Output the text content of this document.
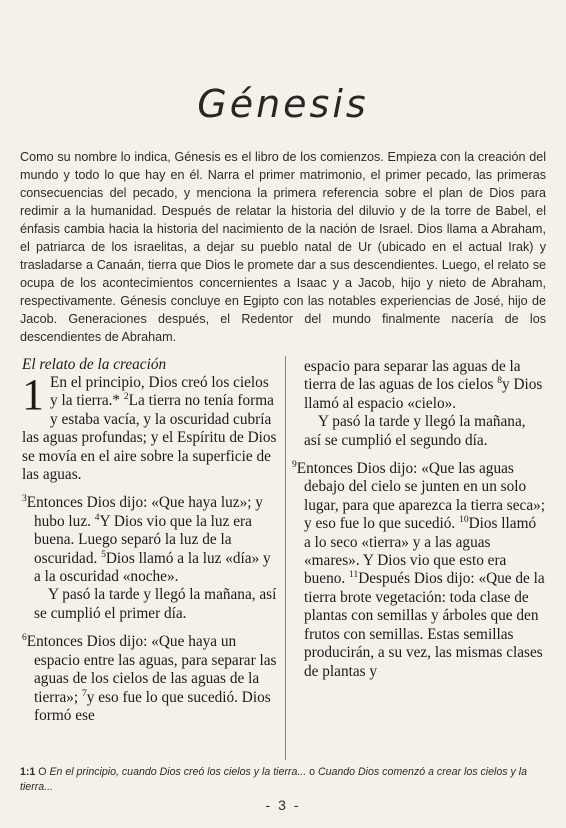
Génesis
Como su nombre lo indica, Génesis es el libro de los comienzos. Empieza con la creación del mundo y todo lo que hay en él. Narra el primer matrimonio, el primer pecado, las primeras consecuencias del pecado, y menciona la primera referencia sobre el plan de Dios para redimir a la humanidad. Después de relatar la historia del diluvio y de la torre de Babel, el énfasis cambia hacia la historia del nacimiento de la nación de Israel. Dios llama a Abraham, el patriarca de los israelitas, a dejar su pueblo natal de Ur (ubicado en el actual Irak) y trasladarse a Canaán, tierra que Dios le promete dar a sus descendientes. Luego, el relato se ocupa de los acontecimientos concernientes a Isaac y a Jacob, hijo y nieto de Abraham, respectivamente. Génesis concluye en Egipto con las notables experiencias de José, hijo de Jacob. Generaciones después, el Redentor del mundo finalmente nacería de los descendientes de Abraham.
El relato de la creación

1 En el principio, Dios creó los cielos y la tierra.* $^2$La tierra no tenía forma y estaba vacía, y la oscuridad cubría las aguas profundas; y el Espíritu de Dios se movía en el aire sobre la superficie de las aguas.

$^3$Entonces Dios dijo: «Que haya luz»; y hubo luz. $^4$Y Dios vio que la luz era buena. Luego separó la luz de la oscuridad. $^5$Dios llamó a la luz «día» y a la oscuridad «noche».

Y pasó la tarde y llegó la mañana, así se cumplió el primer día.

$^6$Entonces Dios dijo: «Que haya un espacio entre las aguas, para separar las aguas de los cielos de las aguas de la tierra»; $^7$y eso fue lo que sucedió. Dios formó ese

espacio para separar las aguas de la tierra de las aguas de los cielos $^8$y Dios llamó al espacio «cielo».

Y pasó la tarde y llegó la mañana, así se cumplió el segundo día.

$^9$Entonces Dios dijo: «Que las aguas debajo del cielo se junten en un solo lugar, para que aparezca la tierra seca»; y eso fue lo que sucedió. $^{10}$Dios llamó a lo seco «tierra» y a las aguas «mares». Y Dios vio que esto era bueno. $^{11}$Después Dios dijo: «Que de la tierra brote vegetación: toda clase de plantas con semillas y árboles que den frutos con semillas. Estas semillas producirán, a su vez, las mismas clases de plantas y

1:1 O En el principio, cuando Dios creó los cielos y la tierra... o Cuando Dios comenzó a crear los cielos y la tierra...
- 3 -
